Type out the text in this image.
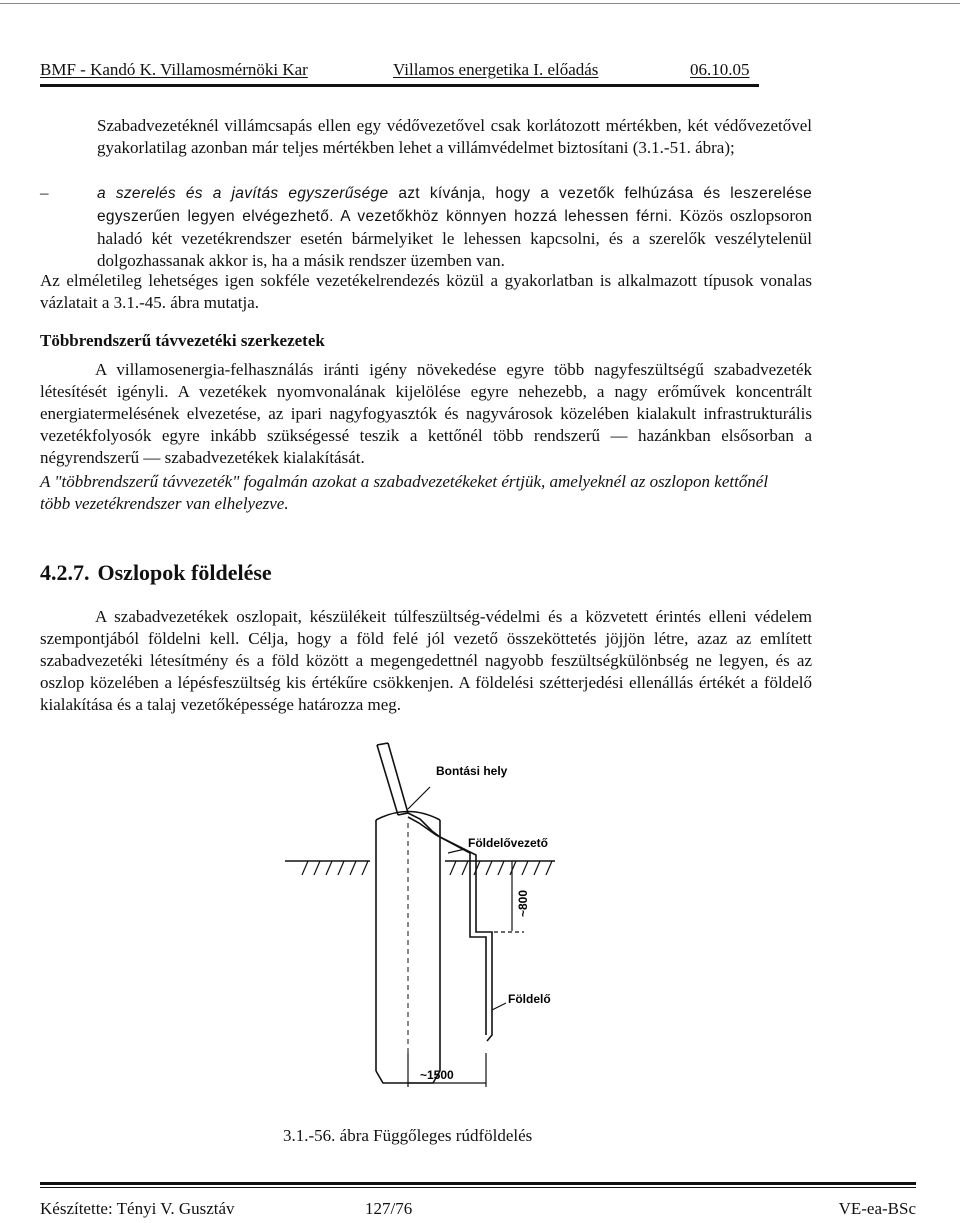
BMF - Kandó K. Villamosmérnöki Kar	Villamos energetika I. előadás	06.10.05

Szabadvezetéknél villámcsapás ellen egy védővezetővel csak korlátozott mértékben, két védővezetővel gyakorlatilag azonban már teljes mértékben lehet a villámvédelmet biztosítani (3.1.-51. ábra);

–	a szerelés és a javítás egyszerűsége azt kívánja, hogy a vezetők felhúzása és leszerelése egyszerűen legyen elvégezhető. A vezetőkhöz könnyen hozzá lehessen férni. Közös oszlopsoron haladó két vezetékrendszer esetén bármelyiket le lehessen kapcsolni, és a szerelők veszélytelenül dolgozhassanak akkor is, ha a másik rendszer üzemben van.

Az elméletileg lehetséges igen sokféle vezetékelrendezés közül a gyakorlatban is alkalmazott típusok vonalas vázlatait a 3.1.-45. ábra mutatja.

Többrendszerű távvezetéki szerkezetek

A villamosenergia-felhasználás iránti igény növekedése egyre több nagyfeszültségű szabadvezeték létesítését igényli. A vezetékek nyomvonalának kijelölése egyre nehezebb, a nagy erőművek koncentrált energiatermelésének elvezetése, az ipari nagyfogyasztók és nagyvárosok közelében kialakult infrastrukturális vezetékfolyosók egyre inkább szükségessé teszik a kettőnél több rendszerű — hazánkban elsősorban a négyrendszerű — szabadvezetékek kialakítását.

A "többrendszerű távvezeték" fogalmán azokat a szabadvezetékeket értjük, amelyeknél az oszlopon kettőnél több vezetékrendszer van elhelyezve.

4.2.7. Oszlopok földelése

A szabadvezetékek oszlopait, készülékeit túlfeszültség-védelmi és a közvetett érintés elleni védelem szempontjából földelni kell. Célja, hogy a föld felé jól vezető összeköttetés jöjjön létre, azaz az említett szabadvezetéki létesítmény és a föld között a megengedettnél nagyobb feszültségkülönbség ne legyen, és az oszlop közelében a lépésfeszültség kis értékűre csökkenjen. A földelési szétterjedési ellenállás értékét a földelő kialakítása és a talaj vezetőképessége határozza meg.

Bontási hely
Földelővezető
~800
Földelő
~1500

3.1.-56. ábra Függőleges rúdföldelés

Készítette: Tényi V. Gusztáv	127/76	VE-ea-BSc
